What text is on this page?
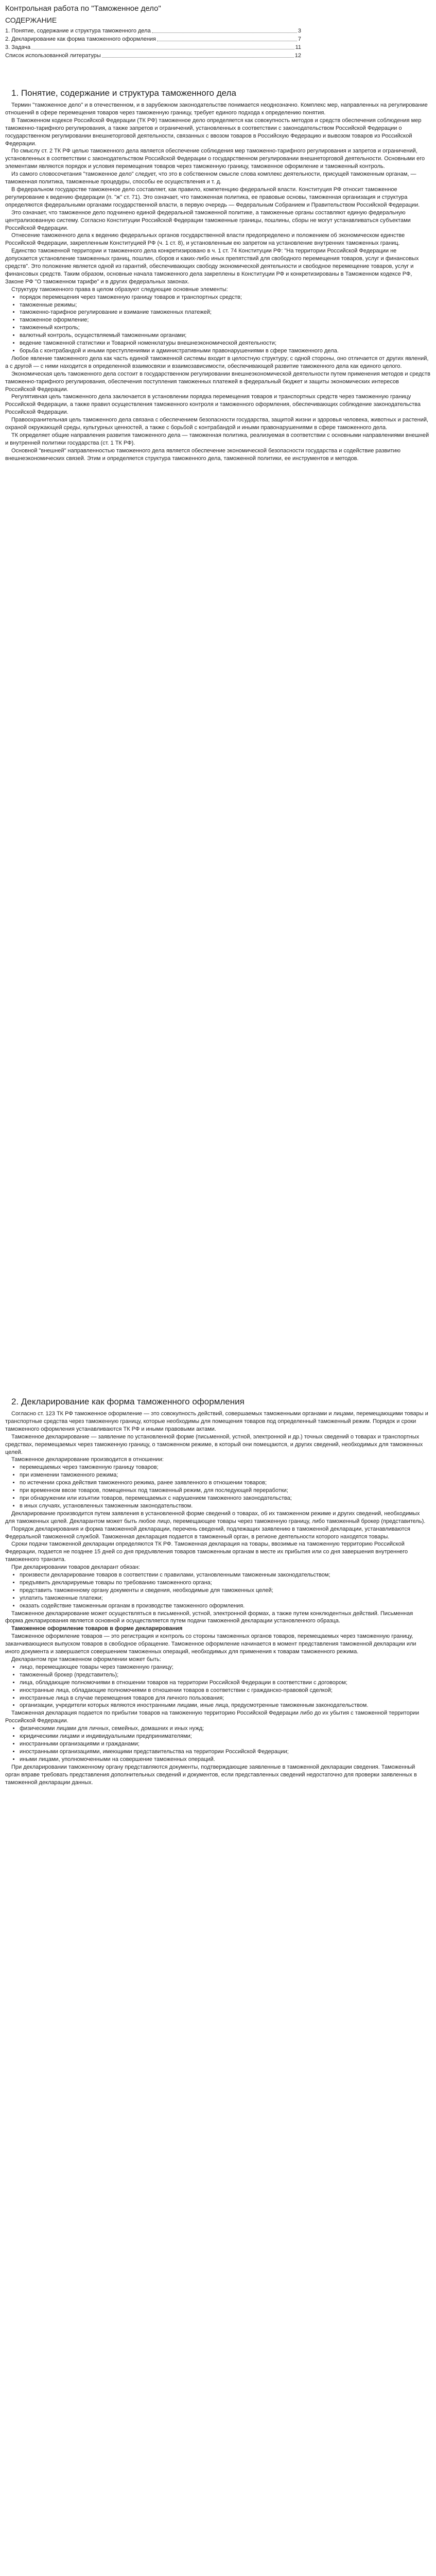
Контрольная работа по "Таможенное дело"
СОДЕРЖАНИЕ
1. Понятие, содержание и структура таможенного дела	3
2. Декларирование как форма таможенного оформления	7
3. Задача	11
Список использованной литературы	12
1. Понятие, содержание и структура таможенного дела

Термин "таможенное дело" и в отечественном, и в зарубежном законодательстве понимается неоднозначно. Комплекс мер, направленных на регулирование отношений в сфере перемещения товаров через таможенную границу, требует единого подхода к определению понятия.

В Таможенном кодексе Российской Федерации (ТК РФ) таможенное дело определяется как совокупность методов и средств обеспечения соблюдения мер таможенно-тарифного регулирования, а также запретов и ограничений, установленных в соответствии с законодательством Российской Федерации о государственном регулировании внешнеторговой деятельности, связанных с ввозом товаров в Российскую Федерацию и вывозом товаров из Российской Федерации.

По смыслу ст. 2 ТК РФ целью таможенного дела является обеспечение соблюдения мер таможенно-тарифного регулирования и запретов и ограничений, установленных в соответствии с законодательством Российской Федерации о государственном регулировании внешнеторговой деятельности. Основными его элементами являются порядок и условия перемещения товаров через таможенную границу, таможенное оформление и таможенный контроль.

Из самого словосочетания "таможенное дело" следует, что это в собственном смысле слова комплекс деятельности, присущей таможенным органам, — таможенная политика, таможенные процедуры, способы ее осуществления и т. д.

В федеральном государстве таможенное дело составляет, как правило, компетенцию федеральной власти. Конституция РФ относит таможенное регулирование к ведению федерации (п. "ж" ст. 71). Это означает, что таможенная политика, ее правовые основы, таможенная организация и структура определяются федеральными органами государственной власти, в первую очередь — Федеральным Собранием и Правительством Российской Федерации.

Это означает, что таможенное дело подчинено единой федеральной таможенной политике, а таможенные органы составляют единую федеральную централизованную систему. Согласно Конституции Российской Федерации таможенные границы, пошлины, сборы не могут устанавливаться субъектами Российской Федерации.

Отнесение таможенного дела к ведению федеральных органов государственной власти предопределено и положением об экономическом единстве Российской Федерации, закрепленным Конституцией РФ (ч. 1 ст. 8), и установленным ею запретом на установление внутренних таможенных границ.

Единство таможенной территории и таможенного дела конкретизировано в ч. 1 ст. 74 Конституции РФ: "На территории Российской Федерации не допускается установление таможенных границ, пошлин, сборов и каких-либо иных препятствий для свободного перемещения товаров, услуг и финансовых средств". Это положение является одной из гарантий, обеспечивающих свободу экономической деятельности и свободное перемещение товаров, услуг и финансовых средств. Таким образом, основные начала таможенного дела закреплены в Конституции РФ и конкретизированы в Таможенном кодексе РФ, Законе РФ "О таможенном тарифе" и в других федеральных законах.

Структуру таможенного права в целом образуют следующие основные элементы:

• порядок перемещения через таможенную границу товаров и транспортных средств;
• таможенные режимы;
• таможенно-тарифное регулирование и взимание таможенных платежей;
• таможенное оформление;
• таможенный контроль;
• валютный контроль, осуществляемый таможенными органами;
• ведение таможенной статистики и Товарной номенклатуры внешнеэкономической деятельности;
• борьба с контрабандой и иными преступлениями и административными правонарушениями в сфере таможенного дела.

Любое явление таможенного дела как часть единой таможенной системы входит в целостную структуру; с одной стороны, оно отличается от других явлений, а с другой — с ними находится в определенной взаимосвязи и взаимозависимости, обеспечивающей развитие таможенного дела как единого целого.

Экономическая цель таможенного дела состоит в государственном регулировании внешнеэкономической деятельности путем применения методов и средств таможенно-тарифного регулирования, обеспечения поступления таможенных платежей в федеральный бюджет и защиты экономических интересов Российской Федерации.

Регулятивная цель таможенного дела заключается в установлении порядка перемещения товаров и транспортных средств через таможенную границу Российской Федерации, а также правил осуществления таможенного контроля и таможенного оформления, обеспечивающих соблюдение законодательства Российской Федерации.

Правоохранительная цель таможенного дела связана с обеспечением безопасности государства, защитой жизни и здоровья человека, животных и растений, охраной окружающей среды, культурных ценностей, а также с борьбой с контрабандой и иными правонарушениями в сфере таможенного дела.

ТК определяет общие направления развития таможенного дела — таможенная политика, реализуемая в соответствии с основными направлениями внешней и внутренней политики государства (ст. 1 ТК РФ).

Основной "внешней" направленностью таможенного дела является обеспечение экономической безопасности государства и содействие развитию внешнеэкономических связей. Этим и определяется структура таможенного дела, таможенной политики, ее инструментов и методов.

2. Декларирование как форма таможенного оформления

Согласно ст. 123 ТК РФ таможенное оформление — это совокупность действий, совершаемых таможенными органами и лицами, перемещающими товары и транспортные средства через таможенную границу, которые необходимы для помещения товаров под определенный таможенный режим. Порядок и сроки таможенного оформления устанавливаются ТК РФ и иными правовыми актами.

Таможенное декларирование — заявление по установленной форме (письменной, устной, электронной и др.) точных сведений о товарах и транспортных средствах, перемещаемых через таможенную границу, о таможенном режиме, в который они помещаются, и других сведений, необходимых для таможенных целей.

Таможенное декларирование производится в отношении:

• перемещаемых через таможенную границу товаров;
• при изменении таможенного режима;
• по истечении срока действия таможенного режима, ранее заявленного в отношении товаров;
• при временном ввозе товаров, помещенных под таможенный режим, для последующей переработки;
• при обнаружении или изъятии товаров, перемещаемых с нарушением таможенного законодательства;
• в иных случаях, установленных таможенным законодательством.

Декларирование производится путем заявления в установленной форме сведений о товарах, об их таможенном режиме и других сведений, необходимых для таможенных целей. Декларантом может быть любое лицо, перемещающее товары через таможенную границу, либо таможенный брокер (представитель).

Порядок декларирования и форма таможенной декларации, перечень сведений, подлежащих заявлению в таможенной декларации, устанавливаются Федеральной таможенной службой. Таможенная декларация подается в таможенный орган, в регионе деятельности которого находятся товары.

Сроки подачи таможенной декларации определяются ТК РФ. Таможенная декларация на товары, ввозимые на таможенную территорию Российской Федерации, подается не позднее 15 дней со дня предъявления товаров таможенным органам в месте их прибытия или со дня завершения внутреннего таможенного транзита.

При декларировании товаров декларант обязан:

• произвести декларирование товаров в соответствии с правилами, установленными таможенным законодательством;
• предъявить декларируемые товары по требованию таможенного органа;
• представить таможенному органу документы и сведения, необходимые для таможенных целей;
• уплатить таможенные платежи;
• оказать содействие таможенным органам в производстве таможенного оформления.

Таможенное декларирование может осуществляться в письменной, устной, электронной формах, а также путем конклюдентных действий. Письменная форма декларирования является основной и осуществляется путем подачи таможенной декларации установленного образца.

Таможенное оформление товаров в форме декларирования

Таможенное оформление товаров — это регистрация и контроль со стороны таможенных органов товаров, перемещаемых через таможенную границу, заканчивающиеся выпуском товаров в свободное обращение. Таможенное оформление начинается в момент представления таможенной декларации или иного документа и завершается совершением таможенных операций, необходимых для применения к товарам таможенного режима.

Декларантом при таможенном оформлении может быть:

• лицо, перемещающее товары через таможенную границу;
• таможенный брокер (представитель);
• лица, обладающие полномочиями в отношении товаров на территории Российской Федерации в соответствии с договором;
• иностранные лица, обладающие полномочиями в отношении товаров в соответствии с гражданско-правовой сделкой;
• иностранные лица в случае перемещения товаров для личного пользования;
• организации, учредители которых являются иностранными лицами, иные лица, предусмотренные таможенным законодательством.

Таможенная декларация подается по прибытии товаров на таможенную территорию Российской Федерации либо до их убытия с таможенной территории Российской Федерации.

• физическими лицами для личных, семейных, домашних и иных нужд;
• юридическими лицами и индивидуальными предпринимателями;
• иностранными организациями и гражданами;
• иностранными организациями, имеющими представительства на территории Российской Федерации;
• иными лицами, уполномоченными на совершение таможенных операций.

При декларировании таможенному органу представляются документы, подтверждающие заявленные в таможенной декларации сведения. Таможенный орган вправе требовать представления дополнительных сведений и документов, если представленных сведений недостаточно для проверки заявленных в таможенной декларации данных.
